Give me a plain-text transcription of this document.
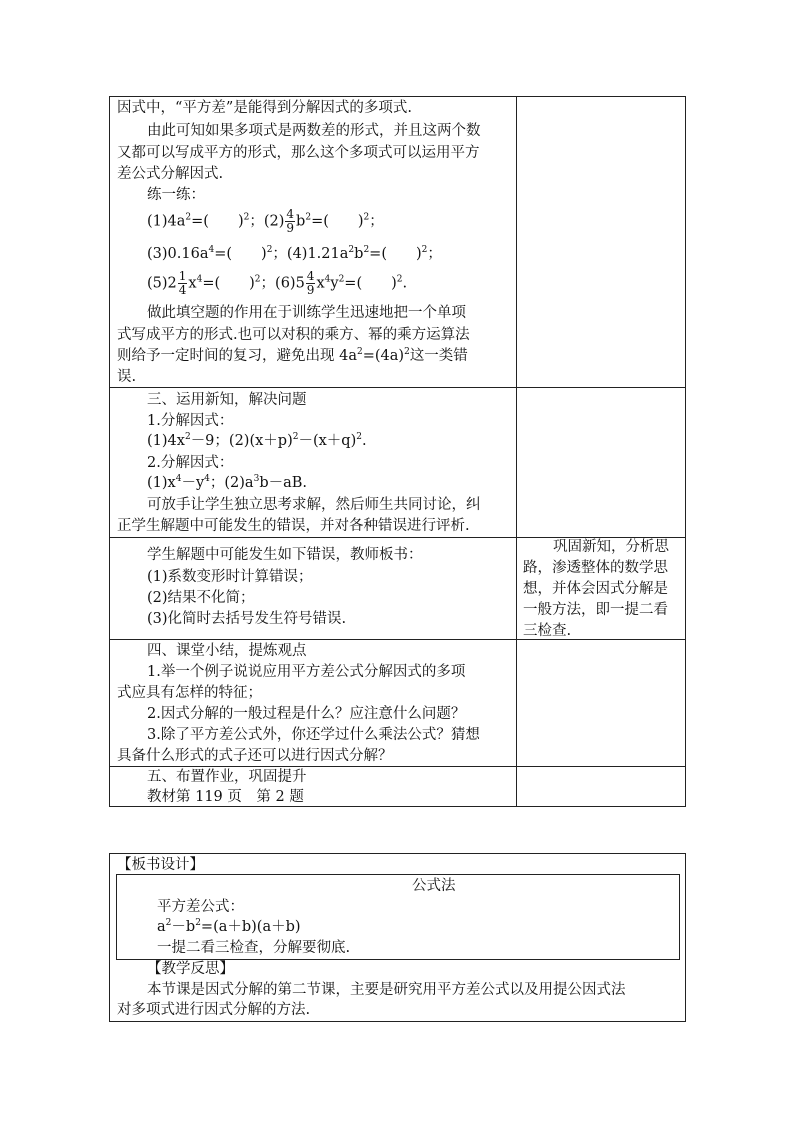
因式中，“平方差”是能得到分解因式的多项式.
由此可知如果多项式是两数差的形式，并且这两个数
又都可以写成平方的形式，那么这个多项式可以运用平方
差公式分解因式.
练一练：
$(1)4a^2=$(　　)$^2$；$(2) \frac{4}{9} b^2=$(　　)$^2$；
$(3)0.16a^4=$(　　)$^2$；$(4)1.21a^2b^2=$(　　)$^2$；
$(5)2 \frac{1}{4} x^4=$(　　)$^2$；$(6)5 \frac{4}{9} x^4y^2=$(　　)$^2$.
做此填空题的作用在于训练学生迅速地把一个单项
式写成平方的形式.也可以对积的乘方、幂的乘方运算法
则给予一定时间的复习，避免出现 $4a^2=(4a)^2$这一类错
误.
三、运用新知，解决问题
1.分解因式：
$(1)4x^2-9$；$(2)(x+p)^2-(x+q)^2$.
2.分解因式：
$(1)x^4-y^4$；$(2)a^3b-aB$.
可放手让学生独立思考求解，然后师生共同讨论，纠
正学生解题中可能发生的错误，并对各种错误进行评析.
学生解题中可能发生如下错误，教师板书：
(1)系数变形时计算错误；
(2)结果不化简；
(3)化简时去括号发生符号错误.
巩固新知，分析思
路，渗透整体的数学思
想，并体会因式分解是
一般方法，即一提二看
三检查.
四、课堂小结，提炼观点
1.举一个例子说说应用平方差公式分解因式的多项
式应具有怎样的特征；
2.因式分解的一般过程是什么？应注意什么问题？
3.除了平方差公式外，你还学过什么乘法公式？猜想
具备什么形式的式子还可以进行因式分解？
五、布置作业，巩固提升
教材第 119 页　第 2 题
【板书设计】
公式法
平方差公式：
$a^2-b^2=(a+b)(a+b)$
一提二看三检查，分解要彻底.
【教学反思】
本节课是因式分解的第二节课，主要是研究用平方差公式以及用提公因式法
对多项式进行因式分解的方法.
